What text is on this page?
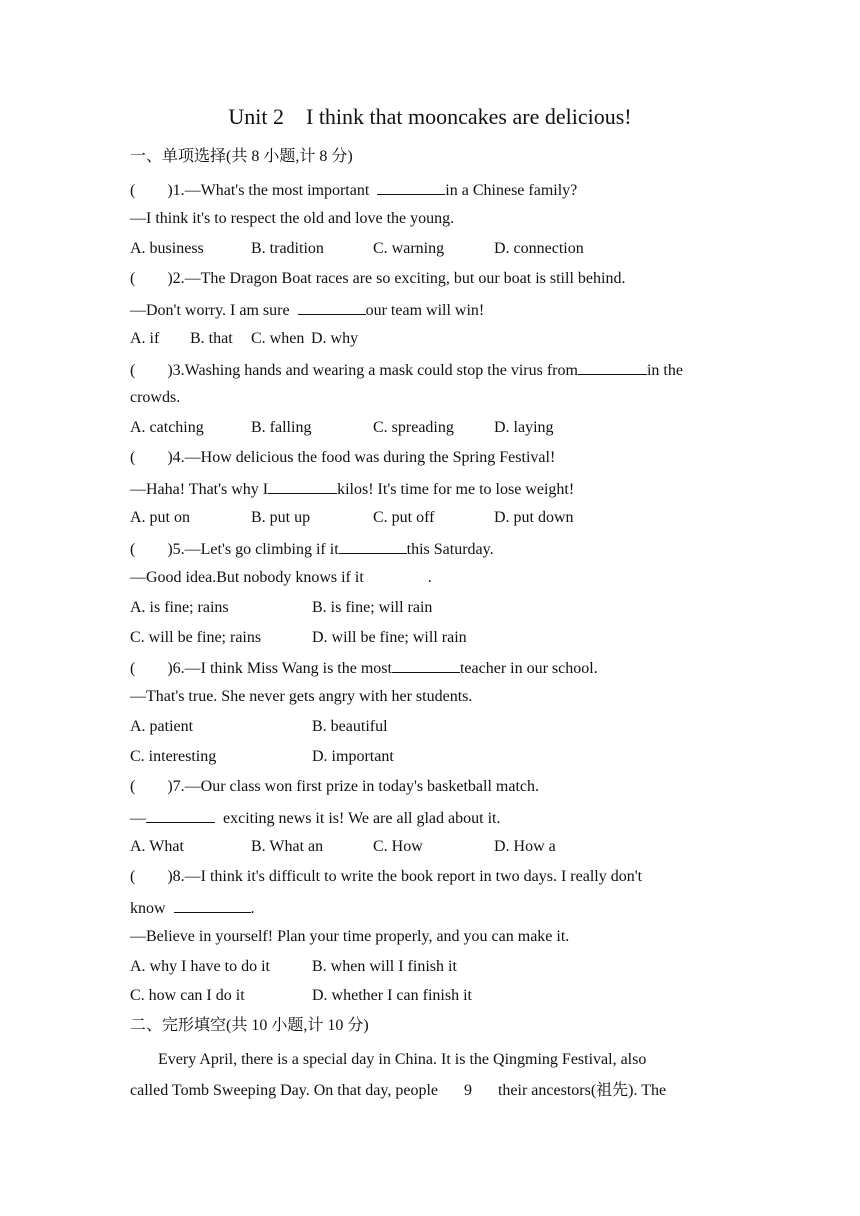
Unit 2    I think that mooncakes are delicious!
一、单项选择(共 8 小题,计 8 分)
(        )1.—What's the most important	in a Chinese family?
—I think it's to respect the old and love the young.

A. business

	B. tradition

	C. warning

	D. connection

(        )2.—The Dragon Boat races are so exciting, but our boat is still behind.
—Don't worry. I am sure	our team will win!

A. if

B. that

C. when

D. why

(        )3.Washing hands and wearing a mask could stop the virus from	in the
crowds.

A. catching

	B. falling

	C. spreading

	D. laying

(        )4.—How delicious the food was during the Spring Festival!
—Haha! That's why I	kilos! It's time for me to lose weight!

A. put on

	B. put up

	C. put off

	D. put down

(        )5.—Let's go climbing if it	this Saturday.
—Good idea.But nobody knows if it                .

A. is fine; rains

	B. is fine; will rain

C. will be fine; rains

	D. will be fine; will rain

(        )6.—I think Miss Wang is the most	teacher in our school.
—That's true. She never gets angry with her students.

A. patient

	B. beautiful

C. interesting

	D. important

(        )7.—Our class won first prize in today's basketball match.
—	exciting news it is! We are all glad about it.

A. What

	B. What an

	C. How

	D. How a

(        )8.—I think it's difficult to write the book report in two days. I really don't
know	.
—Believe in yourself! Plan your time properly, and you can make it.

A. why I have to do it

	B. when will I finish it

C. how can I do it

	D. whether I can finish it

二、完形填空(共 10 小题,计 10 分)
Every April, there is a special day in China. It is the Qingming Festival, also
called Tomb Sweeping Day. On that day, people 9 their ancestors(祖先). The
